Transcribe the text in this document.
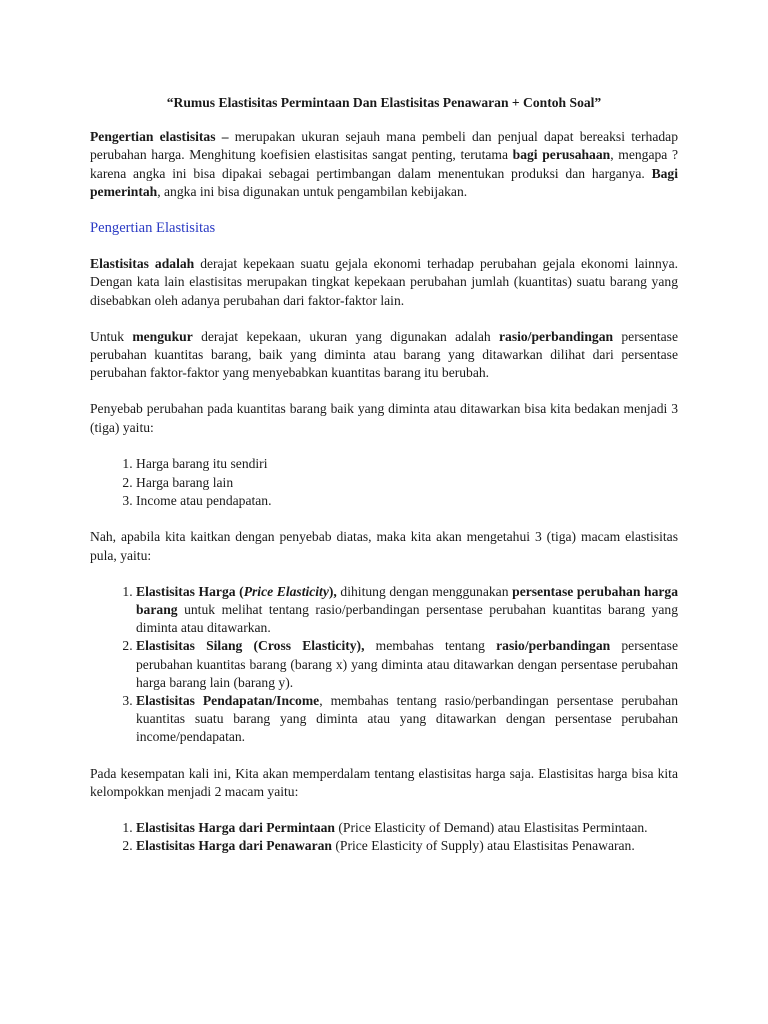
“Rumus Elastisitas Permintaan Dan Elastisitas Penawaran + Contoh Soal”

Pengertian elastisitas – merupakan ukuran sejauh mana pembeli dan penjual dapat bereaksi terhadap perubahan harga. Menghitung koefisien elastisitas sangat penting, terutama bagi perusahaan, mengapa ? karena angka ini bisa dipakai sebagai pertimbangan dalam menentukan produksi dan harganya. Bagi pemerintah, angka ini bisa digunakan untuk pengambilan kebijakan.

Pengertian Elastisitas

Elastisitas adalah derajat kepekaan suatu gejala ekonomi terhadap perubahan gejala ekonomi lainnya. Dengan kata lain elastisitas merupakan tingkat kepekaan perubahan jumlah (kuantitas) suatu barang yang disebabkan oleh adanya perubahan dari faktor-faktor lain.

Untuk mengukur derajat kepekaan, ukuran yang digunakan adalah rasio/perbandingan persentase perubahan kuantitas barang, baik yang diminta atau barang yang ditawarkan dilihat dari persentase perubahan faktor-faktor yang menyebabkan kuantitas barang itu berubah.

Penyebab perubahan pada kuantitas barang baik yang diminta atau ditawarkan bisa kita bedakan menjadi 3 (tiga) yaitu:

1. Harga barang itu sendiri
2. Harga barang lain
3. Income atau pendapatan.

Nah, apabila kita kaitkan dengan penyebab diatas, maka kita akan mengetahui 3 (tiga) macam elastisitas pula, yaitu:

1. Elastisitas Harga (Price Elasticity), dihitung dengan menggunakan persentase perubahan harga barang untuk melihat tentang rasio/perbandingan persentase perubahan kuantitas barang yang diminta atau ditawarkan.
2. Elastisitas Silang (Cross Elasticity), membahas tentang rasio/perbandingan persentase perubahan kuantitas barang (barang x) yang diminta atau ditawarkan dengan persentase perubahan harga barang lain (barang y).
3. Elastisitas Pendapatan/Income, membahas tentang rasio/perbandingan persentase perubahan kuantitas suatu barang yang diminta atau yang ditawarkan dengan persentase perubahan income/pendapatan.

Pada kesempatan kali ini, Kita akan memperdalam tentang elastisitas harga saja. Elastisitas harga bisa kita kelompokkan menjadi 2 macam yaitu:

1. Elastisitas Harga dari Permintaan (Price Elasticity of Demand) atau Elastisitas Permintaan.
2. Elastisitas Harga dari Penawaran (Price Elasticity of Supply) atau Elastisitas Penawaran.
